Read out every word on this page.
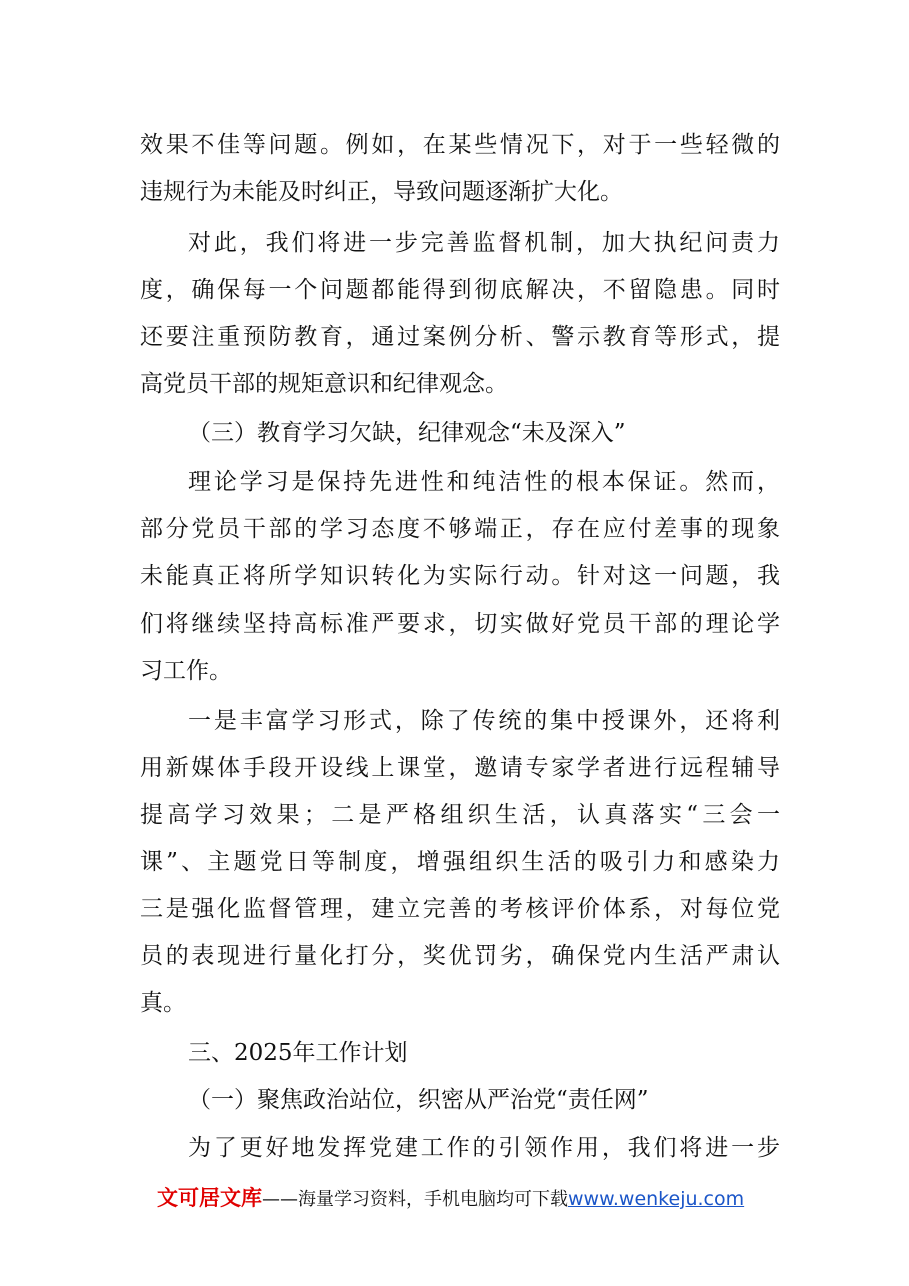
效果不佳等问题。例如，在某些情况下，对于一些轻微的
违规行为未能及时纠正，导致问题逐渐扩大化。
对此，我们将进一步完善监督机制，加大执纪问责力
度，确保每一个问题都能得到彻底解决，不留隐患。同时
还要注重预防教育，通过案例分析、警示教育等形式，提
高党员干部的规矩意识和纪律观念。
（三）教育学习欠缺，纪律观念“未及深入”
理论学习是保持先进性和纯洁性的根本保证。然而，
部分党员干部的学习态度不够端正，存在应付差事的现象
未能真正将所学知识转化为实际行动。针对这一问题，我
们将继续坚持高标准严要求，切实做好党员干部的理论学
习工作。
一是丰富学习形式，除了传统的集中授课外，还将利
用新媒体手段开设线上课堂，邀请专家学者进行远程辅导
提高学习效果；二是严格组织生活，认真落实“三会一
课”、主题党日等制度，增强组织生活的吸引力和感染力
三是强化监督管理，建立完善的考核评价体系，对每位党
员的表现进行量化打分，奖优罚劣，确保党内生活严肃认
真。
三、2025年工作计划
（一）聚焦政治站位，织密从严治党“责任网”
为了更好地发挥党建工作的引领作用，我们将进一步
文可居文库——海量学习资料，手机电脑均可下载www.wenkeju.com
